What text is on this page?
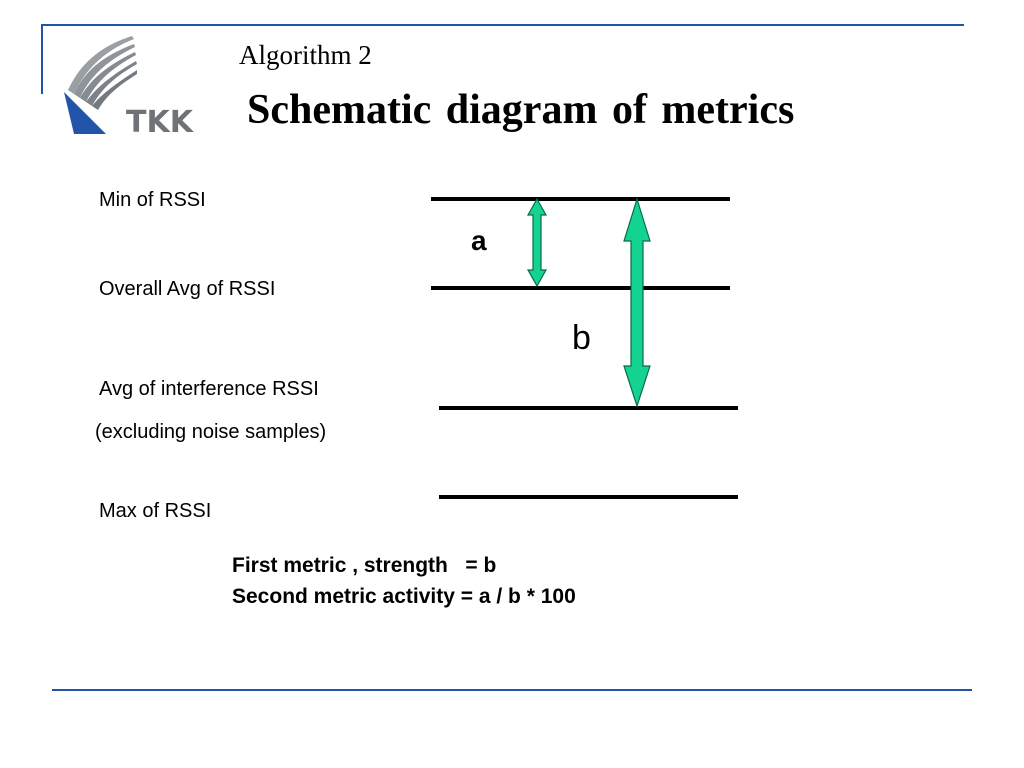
TKK
Algorithm 2
Schematic diagram of metrics
Min of RSSI
Overall Avg of RSSI
Avg of interference RSSI
(excluding noise samples)
Max of RSSI
a
b
First metric , strength   = b
Second metric activity = a / b * 100
